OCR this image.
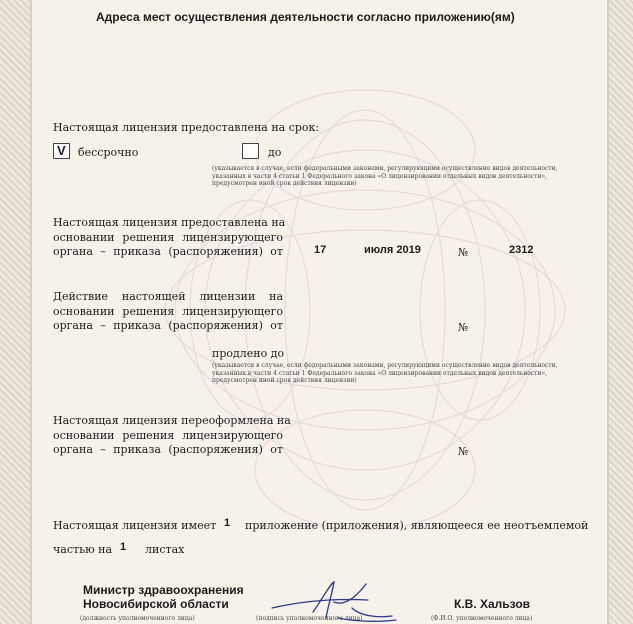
Адреса мест осуществления деятельности согласно приложению(ям)
Настоящая лицензия предоставлена на срок:
V бессрочно	до
(указывается в случае, если федеральными законами, регулирующими осуществление видов деятельности, указанных в части 4 статьи 1 Федерального закона «О лицензировании отдельных видов деятельности», предусмотрен иной срок действия лицензии)
Настоящая лицензия предоставлена на
основании решения лицензирующего
органа – приказа (распоряжения) от	17	июля 2019	№	2312
Действие настоящей лицензии на
основании решения лицензирующего
органа – приказа (распоряжения) от	№
продлено до
(указывается в случае, если федеральными законами, регулирующими осуществление видов деятельности, указанных в части 4 статьи 1 Федерального закона «О лицензировании отдельных видов деятельности», предусмотрен иной срок действия лицензии)
Настоящая лицензия переоформлена на
основании решения лицензирующего
органа – приказа (распоряжения) от	№
Настоящая лицензия имеет 1 приложение (приложения), являющееся ее неотъемлемой
частью на 1 листах
Министр здравоохранения
Новосибирской области
(должность уполномоченного лица)	(подпись уполномоченного лица)
К.В. Хальзов
(Ф.И.О. уполномоченного лица)
